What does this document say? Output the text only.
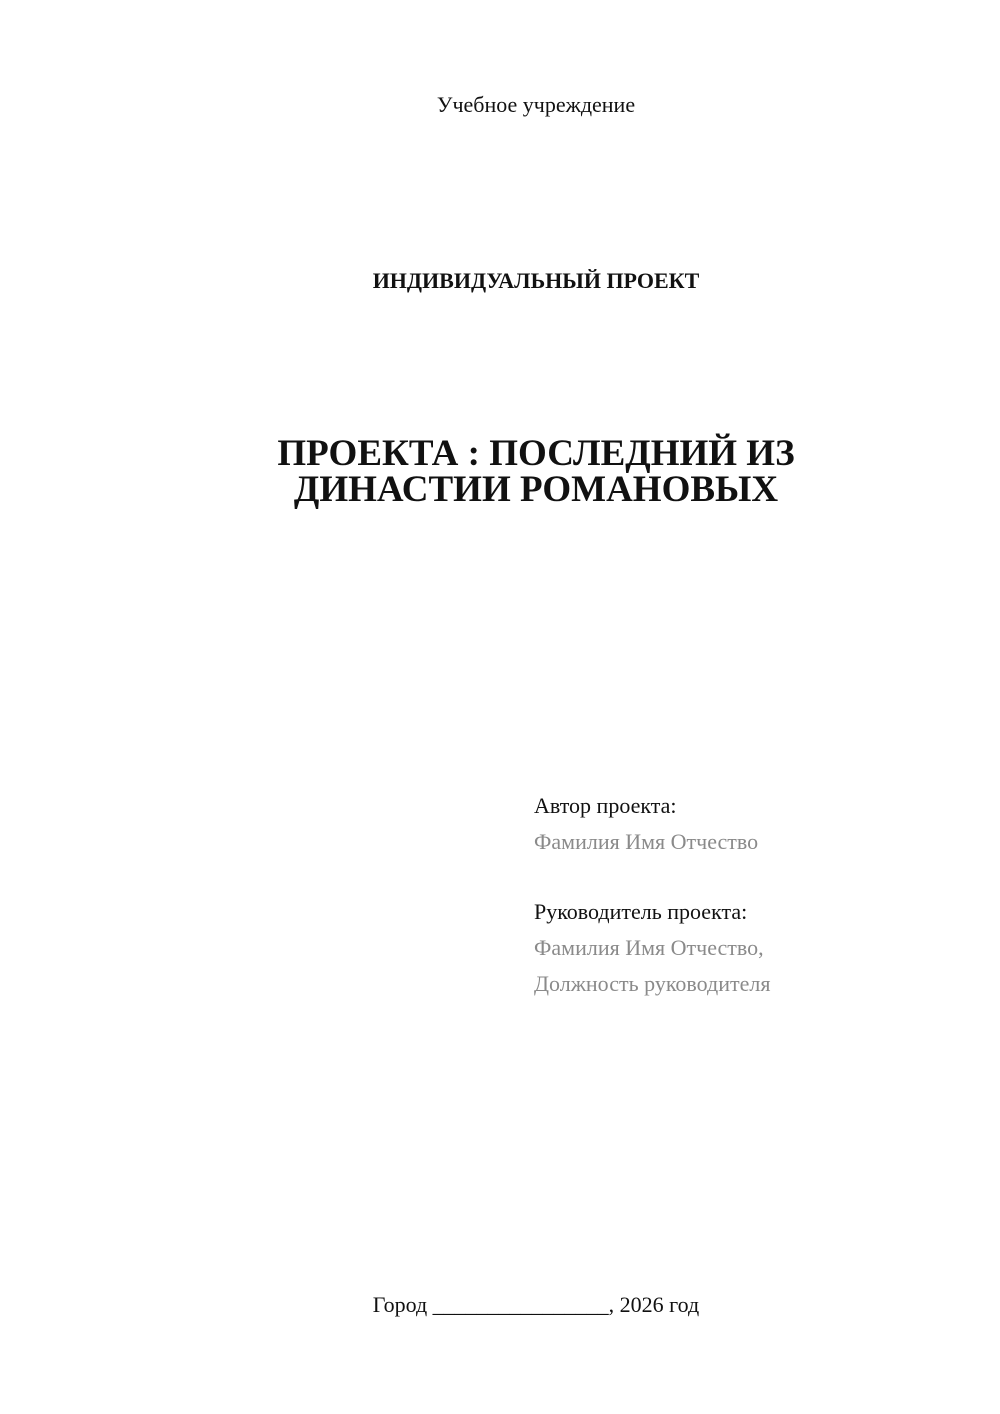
Учебное учреждение
ИНДИВИДУАЛЬНЫЙ ПРОЕКТ
ПРОЕКТА : ПОСЛЕДНИЙ ИЗ
ДИНАСТИИ РОМАНОВЫХ
Автор проекта:
Фамилия Имя Отчество
Руководитель проекта:
Фамилия Имя Отчество,
Должность руководителя
Город ________________, 2026 год
